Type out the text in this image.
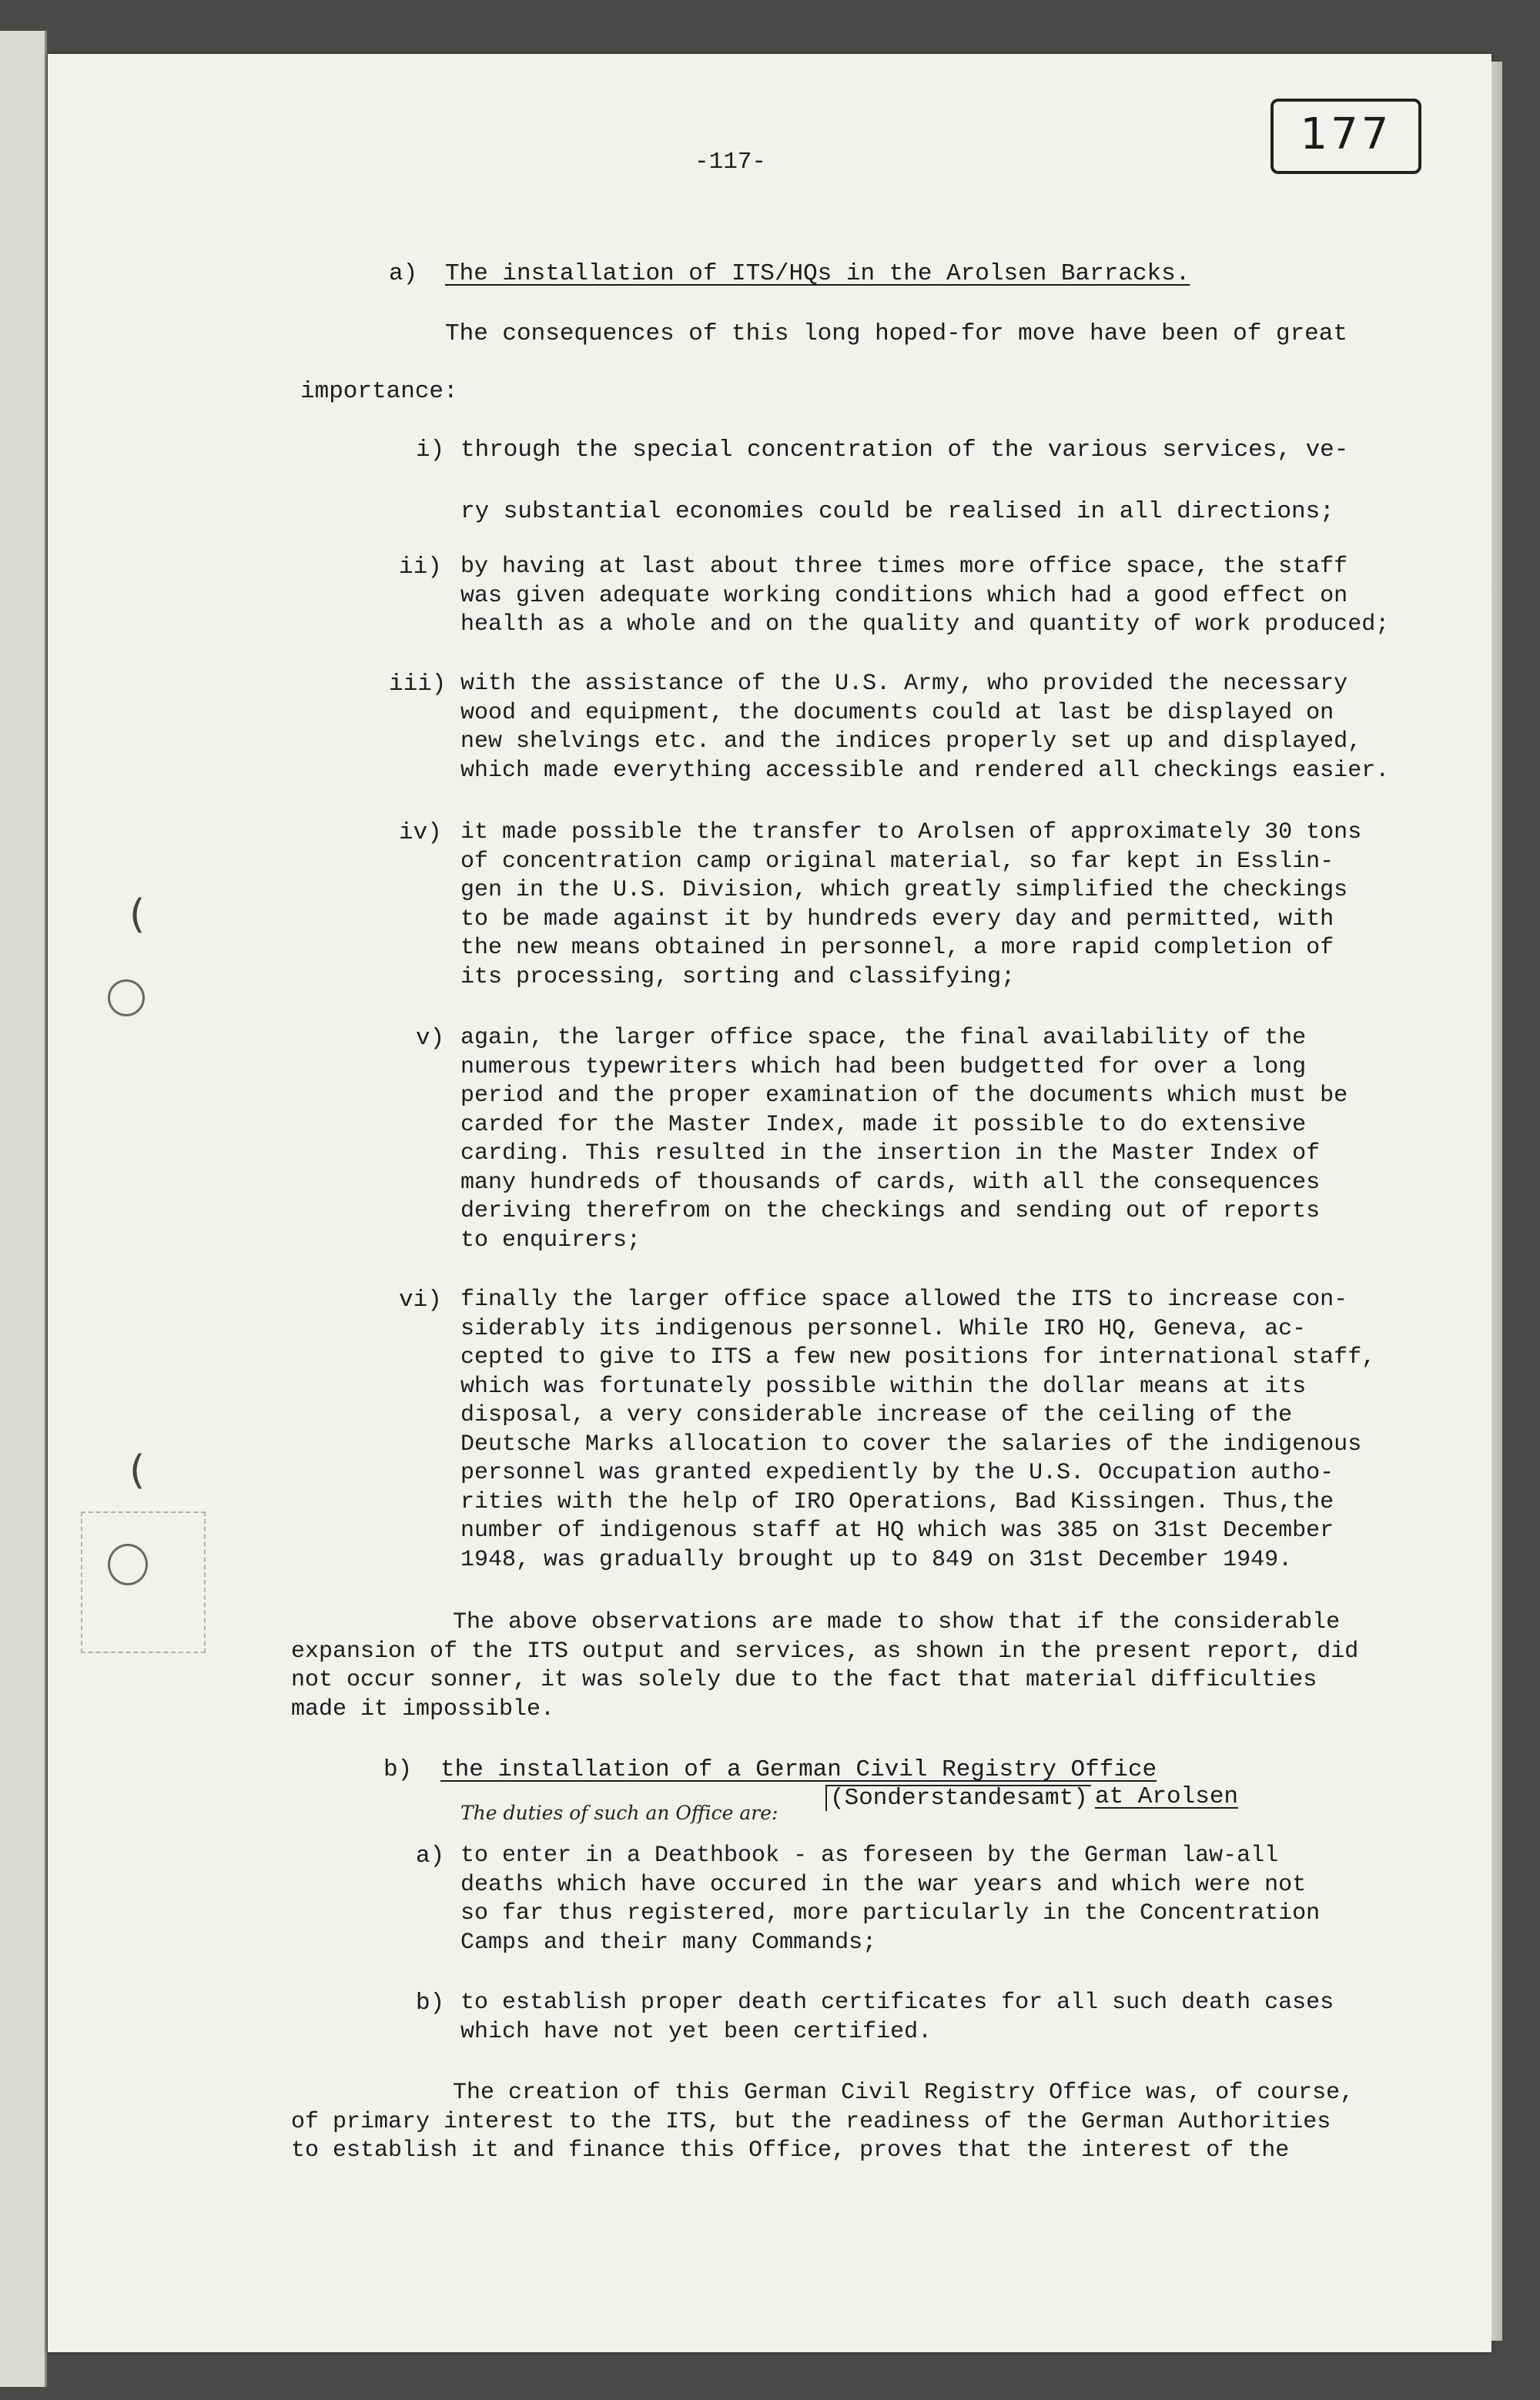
(
(
-117-
177
a) The installation of ITS/HQs in the Arolsen Barracks.
The consequences of this long hoped-for move have been of great
importance:
i) through the special concentration of the various services, ve-
ry substantial economies could be realised in all directions;
ii) by having at last about three times more office space, the staff
was given adequate working conditions which had a good effect on
health as a whole and on the quality and quantity of work produced;
iii) with the assistance of the U.S. Army, who provided the necessary
wood and equipment, the documents could at last be displayed on
new shelvings etc. and the indices properly set up and displayed,
which made everything accessible and rendered all checkings easier.
iv) it made possible the transfer to Arolsen of approximately 30 tons
of concentration camp original material, so far kept in Esslin-
gen in the U.S. Division, which greatly simplified the checkings
to be made against it by hundreds every day and permitted, with
the new means obtained in personnel, a more rapid completion of
its processing, sorting and classifying;
v) again, the larger office space, the final availability of the
numerous typewriters which had been budgetted for over a long
period and the proper examination of the documents which must be
carded for the Master Index, made it possible to do extensive
carding. This resulted in the insertion in the Master Index of
many hundreds of thousands of cards, with all the consequences
deriving therefrom on the checkings and sending out of reports
to enquirers;
vi) finally the larger office space allowed the ITS to increase con-
siderably its indigenous personnel. While IRO HQ, Geneva, ac-
cepted to give to ITS a few new positions for international staff,
which was fortunately possible within the dollar means at its
disposal, a very considerable increase of the ceiling of the
Deutsche Marks allocation to cover the salaries of the indigenous
personnel was granted expediently by the U.S. Occupation autho-
rities with the help of IRO Operations, Bad Kissingen. Thus,the
number of indigenous staff at HQ which was 385 on 31st December
1948, was gradually brought up to 849 on 31st December 1949.
The above observations are made to show that if the considerable
expansion of the ITS output and services, as shown in the present report, did
not occur sonner, it was solely due to the fact that material difficulties
made it impossible.
b) the installation of a German Civil Registry Office
(Sonderstandesamt) at Arolsen
The duties of such an Office are:
a) to enter in a Deathbook - as foreseen by the German law-all
deaths which have occured in the war years and which were not
so far thus registered, more particularly in the Concentration
Camps and their many Commands;
b) to establish proper death certificates for all such death cases
which have not yet been certified.
The creation of this German Civil Registry Office was, of course,
of primary interest to the ITS, but the readiness of the German Authorities
to establish it and finance this Office, proves that the interest of the
